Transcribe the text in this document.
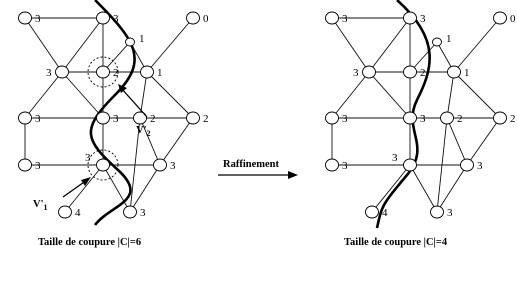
3	3	0
3	2	1
3	3	2	2
3
3
3
4	3
1
3	3	0
3	2	1
3	3	2	2
3
3
3
4	3
1
Raffinement
Taille de coupure |C|=6	Taille de coupure |C|=4
$V'_2$
$V'_1$
